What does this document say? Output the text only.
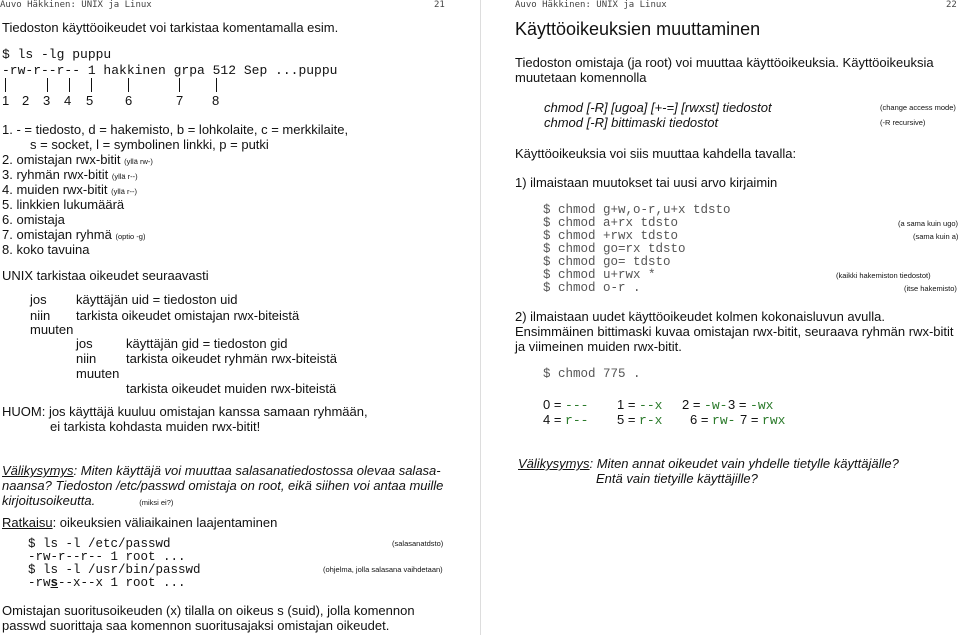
Auvo Häkkinen: UNIX ja Linux	21
Tiedoston käyttöoikeudet voi tarkistaa komentamalla esim.
$ ls -lg puppu
-rw-r--r-- 1 hakkinen grpa 512 Sep ...puppu
1 2 3 4 5 6	7 8
1. - = tiedosto, d = hakemisto, b = lohkolaite, c = merkkilaite,
s = socket, l = symbolinen linkki, p = putki
2. omistajan rwx-bitit (yllä rw-)
3. ryhmän rwx-bitit (yllä r--)
4. muiden rwx-bitit (yllä r--)
5. linkkien lukumäärä
6. omistaja
7. omistajan ryhmä (optio -g)
8. koko tavuina
UNIX tarkistaa oikeudet seuraavasti
jos käyttäjän uid = tiedoston uid
niin tarkista oikeudet omistajan rwx-biteistä
muuten
jos	käyttäjän gid = tiedoston gid
niin tarkista oikeudet ryhmän rwx-biteistä
muuten
tarkista oikeudet muiden rwx-biteistä
HUOM: jos käyttäjä kuuluu omistajan kanssa samaan ryhmään,
ei tarkista kohdasta muiden rwx-bitit!
Välikysymys: Miten käyttäjä voi muuttaa salasanatiedostossa olevaa salasa-
naansa? Tiedoston /etc/passwd omistaja on root, eikä siihen voi antaa muille
kirjoitusoikeutta.	(miksi ei?)
Ratkaisu: oikeuksien väliaikainen laajentaminen
$ ls -l /etc/passwd	(salasanatdsto)
-rw-r--r-- 1 root ...
$ ls -l /usr/bin/passwd	(ohjelma, jolla salasana vaihdetaan)
-rws--x--x 1 root ...
Omistajan suoritusoikeuden (x) tilalla on oikeus s (suid), jolla komennon
passwd suorittaja saa komennon suoritusajaksi omistajan oikeudet.
Auvo Häkkinen: UNIX ja Linux	22
Käyttöoikeuksien muuttaminen
Tiedoston omistaja (ja root) voi muuttaa käyttöoikeuksia. Käyttöoikeuksia
muutetaan komennolla
chmod [-R] [ugoa] [+-=] [rwxst] tiedostot	(change access mode)
chmod [-R] bittimaski tiedostot	(-R recursive)
Käyttöoikeuksia voi siis muuttaa kahdella tavalla:
1) ilmaistaan muutokset tai uusi arvo kirjaimin
$ chmod g+w,o-r,u+x tdsto
$ chmod a+rx tdsto	(a sama kuin ugo)
$ chmod +rwx tdsto	(sama kuin a)
$ chmod go=rx tdsto
$ chmod go= tdsto
$ chmod u+rwx *	(kaikki hakemiston tiedostot)
$ chmod o-r .	(itse hakemisto)
2) ilmaistaan uudet käyttöoikeudet kolmen kokonaisluvun avulla.
Ensimmäinen bittimaski kuvaa omistajan rwx-bitit, seuraava ryhmän rwx-bitit
ja viimeinen muiden rwx-bitit.
$ chmod 775 .
0 = --- 1 = --x 2 = -w- 3 = -wx
4 = r-- 5 = r-x 6 = rw- 7 = rwx
Välikysymys: Miten annat oikeudet vain yhdelle tietylle käyttäjälle?
Entä vain tietyille käyttäjille?
